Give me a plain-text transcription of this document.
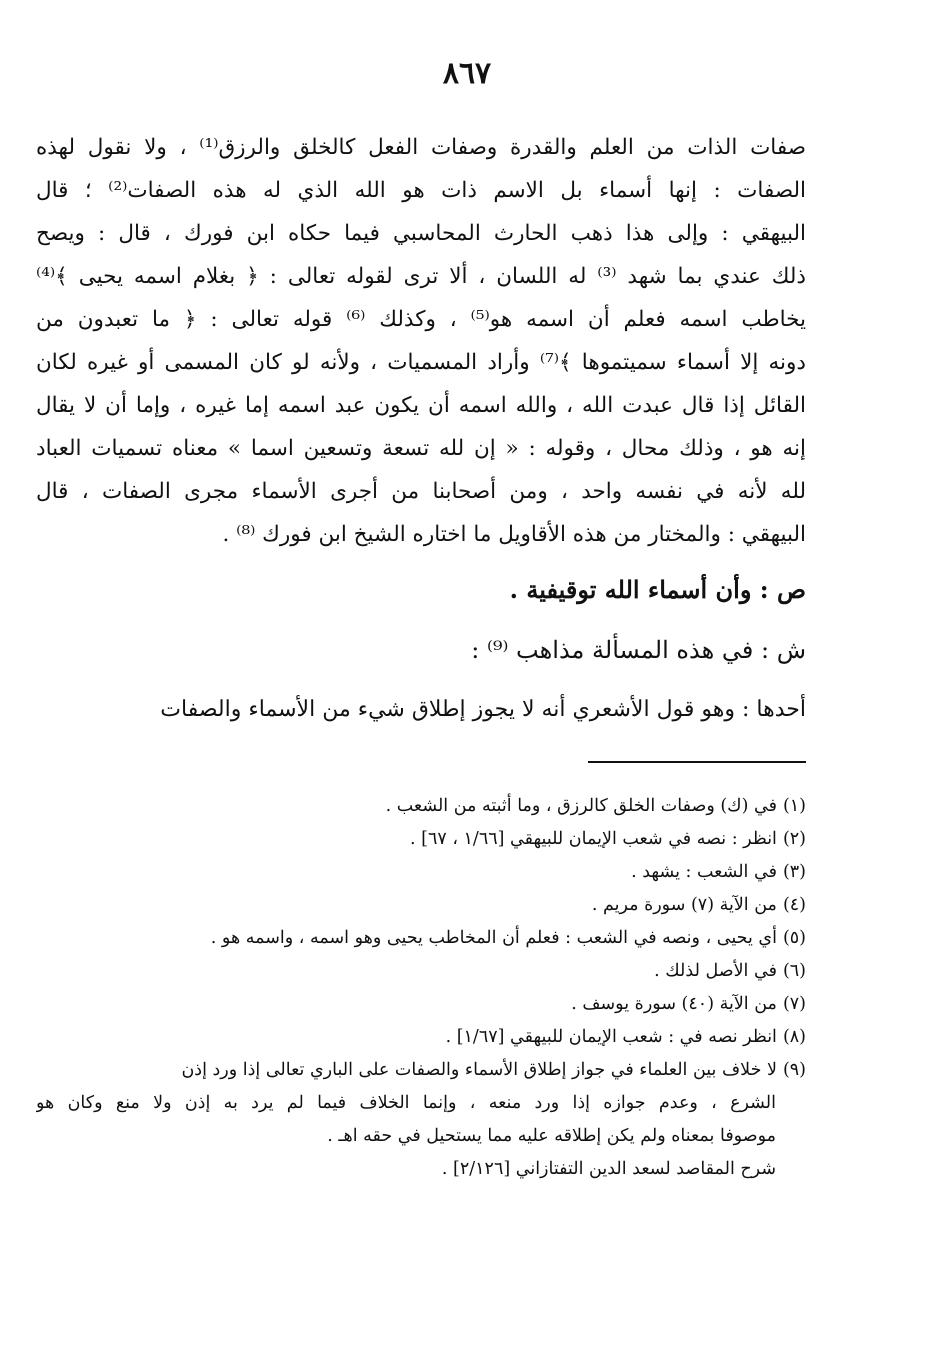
٨٦٧
صفات الذات من العلم والقدرة وصفات الفعل كالخلق والرزق⁽¹⁾ ، ولا نقول لهذه
الصفات : إنها أسماء بل الاسم ذات هو الله الذي له هذه الصفات⁽²⁾ ؛ قال
البيهقي : وإلى هذا ذهب الحارث المحاسبي فيما حكاه ابن فورك ، قال : ويصح
ذلك عندي بما شهد ⁽³⁾ له اللسان ، ألا ترى لقوله تعالى : ﴿ بغلام اسمه يحيى ﴾⁽⁴⁾
يخاطب اسمه فعلم أن اسمه هو⁽⁵⁾ ، وكذلك ⁽⁶⁾ قوله تعالى : ﴿ ما تعبدون من
دونه إلا أسماء سميتموها ﴾⁽⁷⁾ وأراد المسميات ، ولأنه لو كان المسمى أو غيره لكان
القائل إذا قال عبدت الله ، والله اسمه أن يكون عبد اسمه إما غيره ، وإما أن لا يقال
إنه هو ، وذلك محال ، وقوله : « إن لله تسعة وتسعين اسما » معناه تسميات العباد
لله لأنه في نفسه واحد ، ومن أصحابنا من أجرى الأسماء مجرى الصفات ، قال
البيهقي : والمختار من هذه الأقاويل ما اختاره الشيخ ابن فورك ⁽⁸⁾ .
ص : وأن أسماء الله توقيفية .
ش : في هذه المسألة مذاهب ⁽⁹⁾ :
أحدها : وهو قول الأشعري أنه لا يجوز إطلاق شيء من الأسماء والصفات
(١)في (ك) وصفات الخلق كالرزق ، وما أثبته من الشعب .
(٢)انظر : نصه في شعب الإيمان للبيهقي [١/٦٦ ، ٦٧] .
(٣)في الشعب : يشهد .
(٤)من الآية (٧) سورة مريم .
(٥)أي يحيى ، ونصه في الشعب : فعلم أن المخاطب يحيى وهو اسمه ، واسمه هو .
(٦)في الأصل لذلك .
(٧)من الآية (٤٠) سورة يوسف .
(٨)انظر نصه في : شعب الإيمان للبيهقي [١/٦٧] .
(٩)لا خلاف بين العلماء في جواز إطلاق الأسماء والصفات على الباري تعالى إذا ورد إذن
الشرع ، وعدم جوازه إذا ورد منعه ، وإنما الخلاف فيما لم يرد به إذن ولا منع وكان هو
موصوفا بمعناه ولم يكن إطلاقه عليه مما يستحيل في حقه اهـ .
شرح المقاصد لسعد الدين التفتازاني [٢/١٢٦] .
